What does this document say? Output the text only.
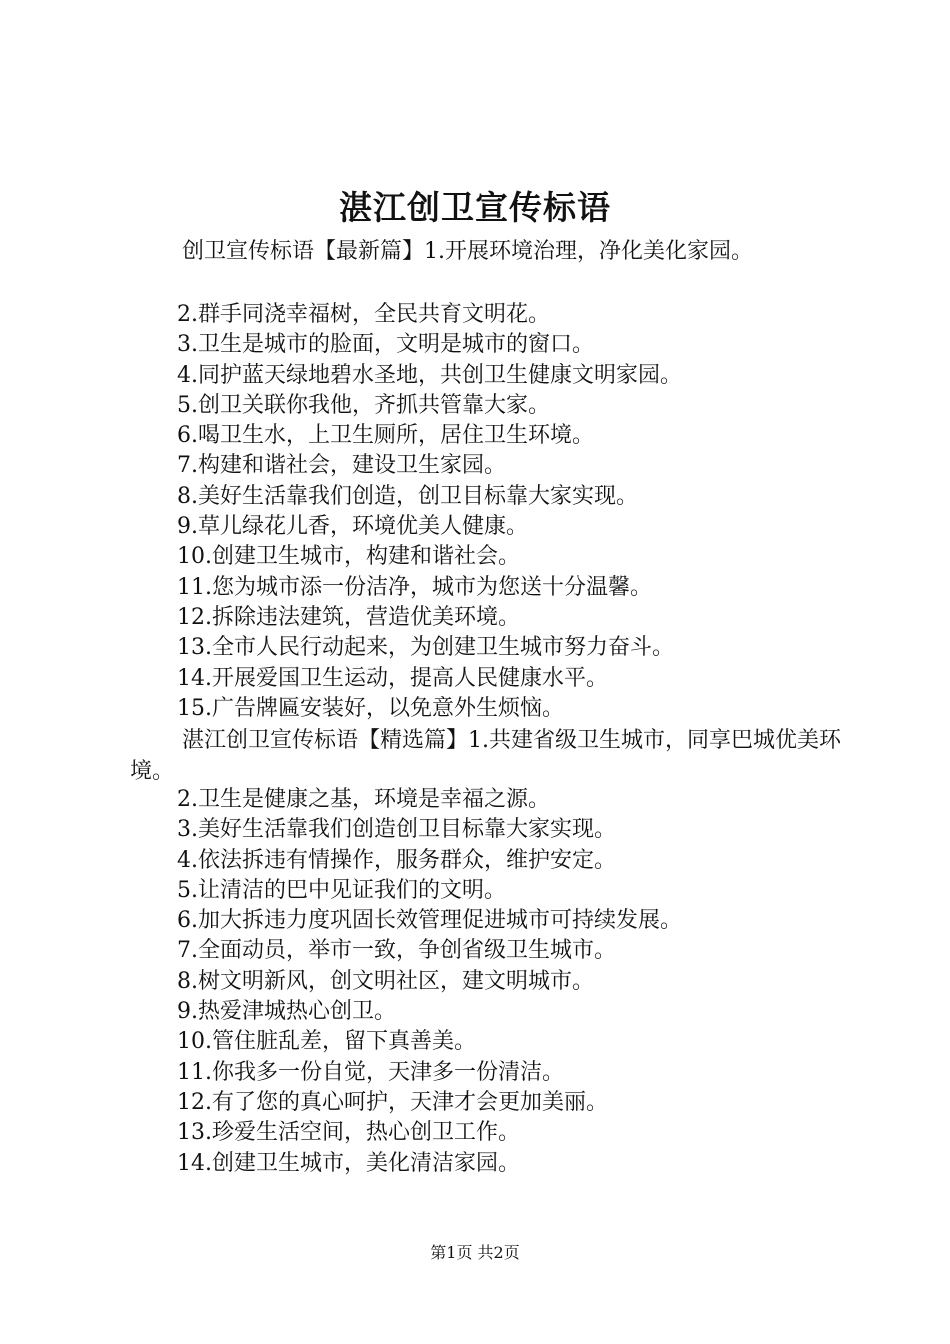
湛江创卫宣传标语
创卫宣传标语【最新篇】1.开展环境治理，净化美化家园。
2.群手同浇幸福树，全民共育文明花。
3.卫生是城市的脸面，文明是城市的窗口。
4.同护蓝天绿地碧水圣地，共创卫生健康文明家园。
5.创卫关联你我他，齐抓共管靠大家。
6.喝卫生水，上卫生厕所，居住卫生环境。
7.构建和谐社会，建设卫生家园。
8.美好生活靠我们创造，创卫目标靠大家实现。
9.草儿绿花儿香，环境优美人健康。
10.创建卫生城市，构建和谐社会。
11.您为城市添一份洁净，城市为您送十分温馨。
12.拆除违法建筑，营造优美环境。
13.全市人民行动起来，为创建卫生城市努力奋斗。
14.开展爱国卫生运动，提高人民健康水平。
15.广告牌匾安装好，以免意外生烦恼。
湛江创卫宣传标语【精选篇】1.共建省级卫生城市，同享巴城优美环境。
2.卫生是健康之基，环境是幸福之源。
3.美好生活靠我们创造创卫目标靠大家实现。
4.依法拆违有情操作，服务群众，维护安定。
5.让清洁的巴中见证我们的文明。
6.加大拆违力度巩固长效管理促进城市可持续发展。
7.全面动员，举市一致，争创省级卫生城市。
8.树文明新风，创文明社区，建文明城市。
9.热爱津城热心创卫。
10.管住脏乱差，留下真善美。
11.你我多一份自觉，天津多一份清洁。
12.有了您的真心呵护，天津才会更加美丽。
13.珍爱生活空间，热心创卫工作。
14.创建卫生城市，美化清洁家园。
第1页 共2页
